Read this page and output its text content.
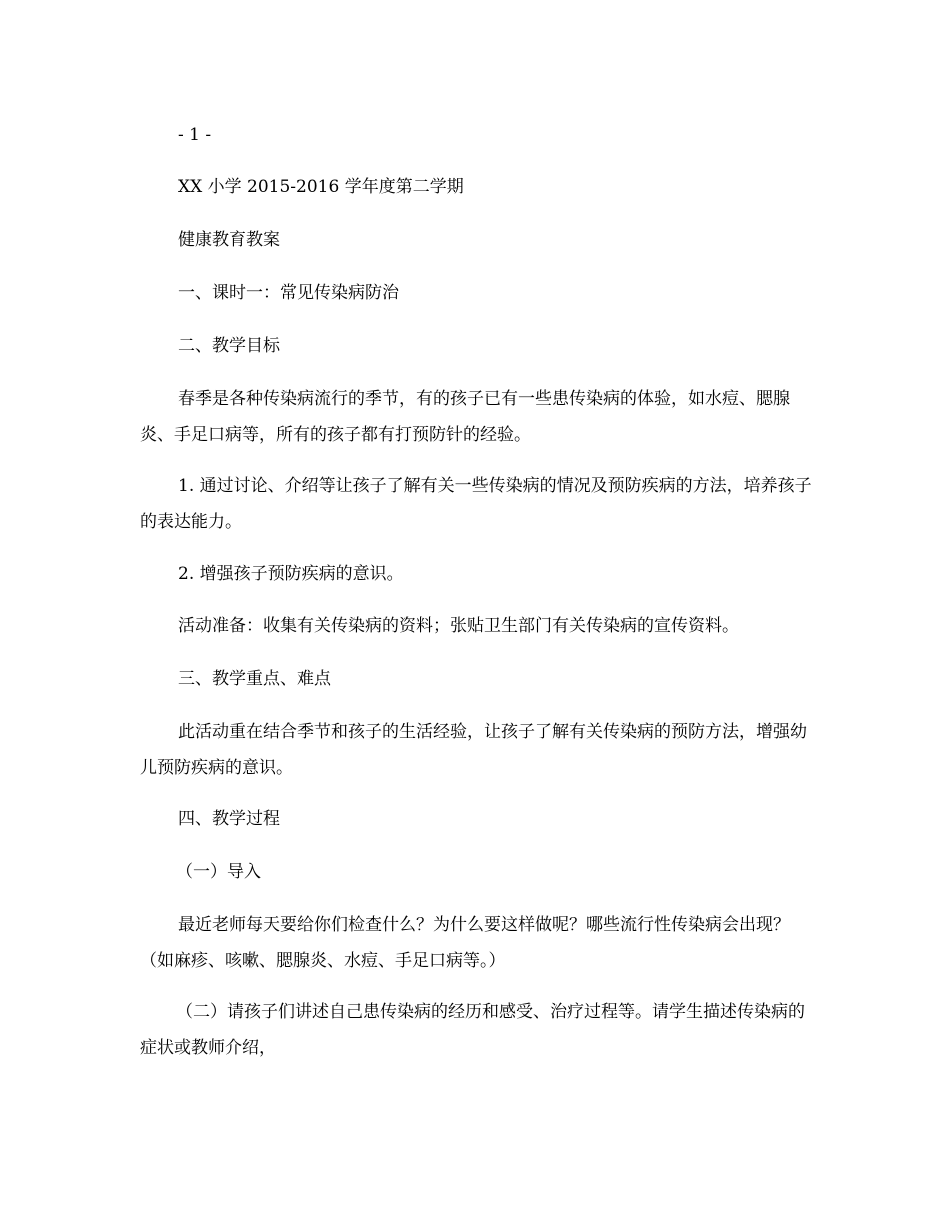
- 1 -

XX 小学 2015-2016 学年度第二学期

健康教育教案

一、课时一：常见传染病防治

二、教学目标

春季是各种传染病流行的季节，有的孩子已有一些患传染病的体验，如水痘、腮腺炎、手足口病等，所有的孩子都有打预防针的经验。

1. 通过讨论、介绍等让孩子了解有关一些传染病的情况及预防疾病的方法，培养孩子的表达能力。

2. 增强孩子预防疾病的意识。

活动准备：收集有关传染病的资料；张贴卫生部门有关传染病的宣传资料。

三、教学重点、难点

此活动重在结合季节和孩子的生活经验，让孩子了解有关传染病的预防方法，增强幼儿预防疾病的意识。

四、教学过程

（一）导入

最近老师每天要给你们检查什么？为什么要这样做呢？哪些流行性传染病会出现？（如麻疹、咳嗽、腮腺炎、水痘、手足口病等。）

（二）请孩子们讲述自己患传染病的经历和感受、治疗过程等。请学生描述传染病的症状或教师介绍，
